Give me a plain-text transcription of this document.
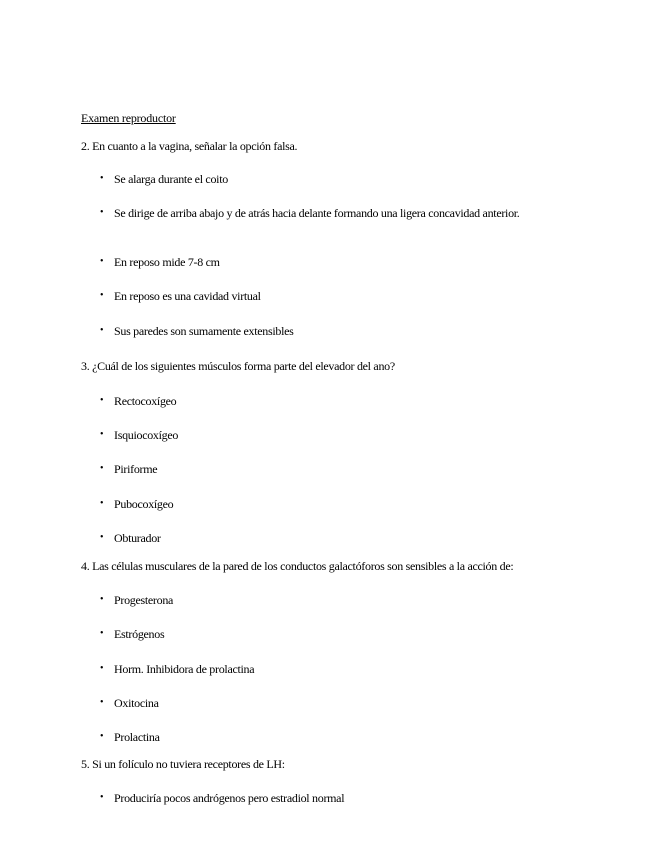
Examen reproductor
2. En cuanto a la vagina, señalar la opción falsa.
• Se alarga durante el coito
• Se dirige de arriba abajo y de atrás hacia delante formando una ligera concavidad anterior.
• En reposo mide 7-8 cm
• En reposo es una cavidad virtual
• Sus paredes son sumamente extensibles
3. ¿Cuál de los siguientes músculos forma parte del elevador del ano?
• Rectocoxígeo
• Isquiocoxígeo
• Piriforme
• Pubocoxígeo
• Obturador
4. Las células musculares de la pared de los conductos galactóforos son sensibles a la acción de:
• Progesterona
• Estrógenos
• Horm. Inhibidora de prolactina
• Oxitocina
• Prolactina
5. Si un folículo no tuviera receptores de LH:
• Produciría pocos andrógenos pero estradiol normal
